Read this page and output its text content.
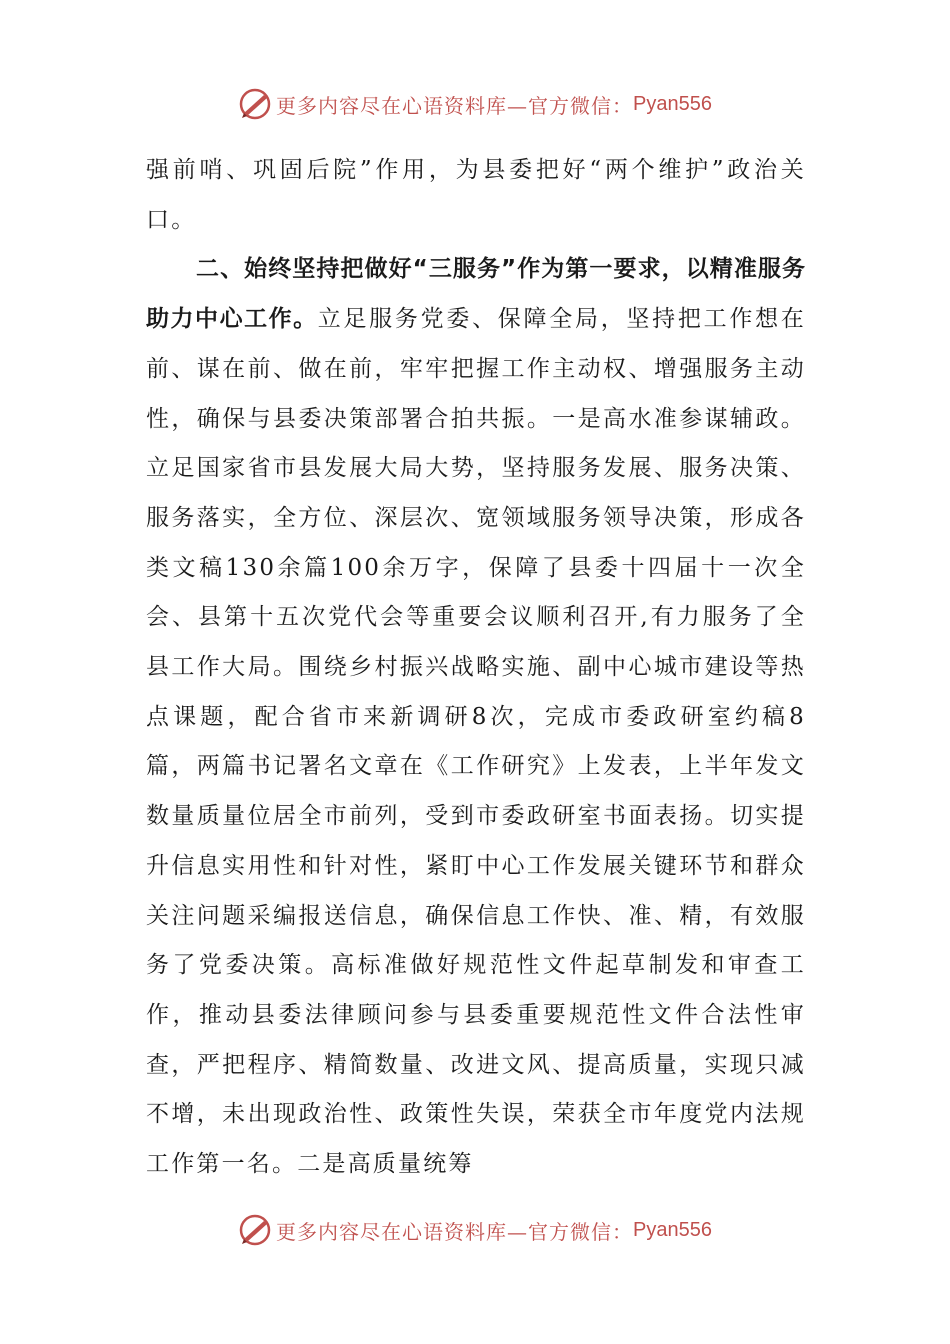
更多内容尽在心语资料库—官方微信： Pyan556

强前哨、巩固后院”作用，为县委把好“两个维护”政治关口。

二、始终坚持把做好“三服务”作为第一要求，以精准服务助力中心工作。立足服务党委、保障全局，坚持把工作想在前、谋在前、做在前，牢牢把握工作主动权、增强服务主动性，确保与县委决策部署合拍共振。一是高水准参谋辅政。立足国家省市县发展大局大势，坚持服务发展、服务决策、服务落实，全方位、深层次、宽领域服务领导决策，形成各类文稿130余篇100余万字，保障了县委十四届十一次全会、县第十五次党代会等重要会议顺利召开,有力服务了全县工作大局。围绕乡村振兴战略实施、副中心城市建设等热点课题，配合省市来新调研8次，完成市委政研室约稿8篇，两篇书记署名文章在《工作研究》上发表，上半年发文数量质量位居全市前列，受到市委政研室书面表扬。切实提升信息实用性和针对性，紧盯中心工作发展关键环节和群众关注问题采编报送信息，确保信息工作快、准、精，有效服务了党委决策。高标准做好规范性文件起草制发和审查工作，推动县委法律顾问参与县委重要规范性文件合法性审查，严把程序、精简数量、改进文风、提高质量，实现只减不增，未出现政治性、政策性失误，荣获全市年度党内法规工作第一名。二是高质量统筹

更多内容尽在心语资料库—官方微信： Pyan556
